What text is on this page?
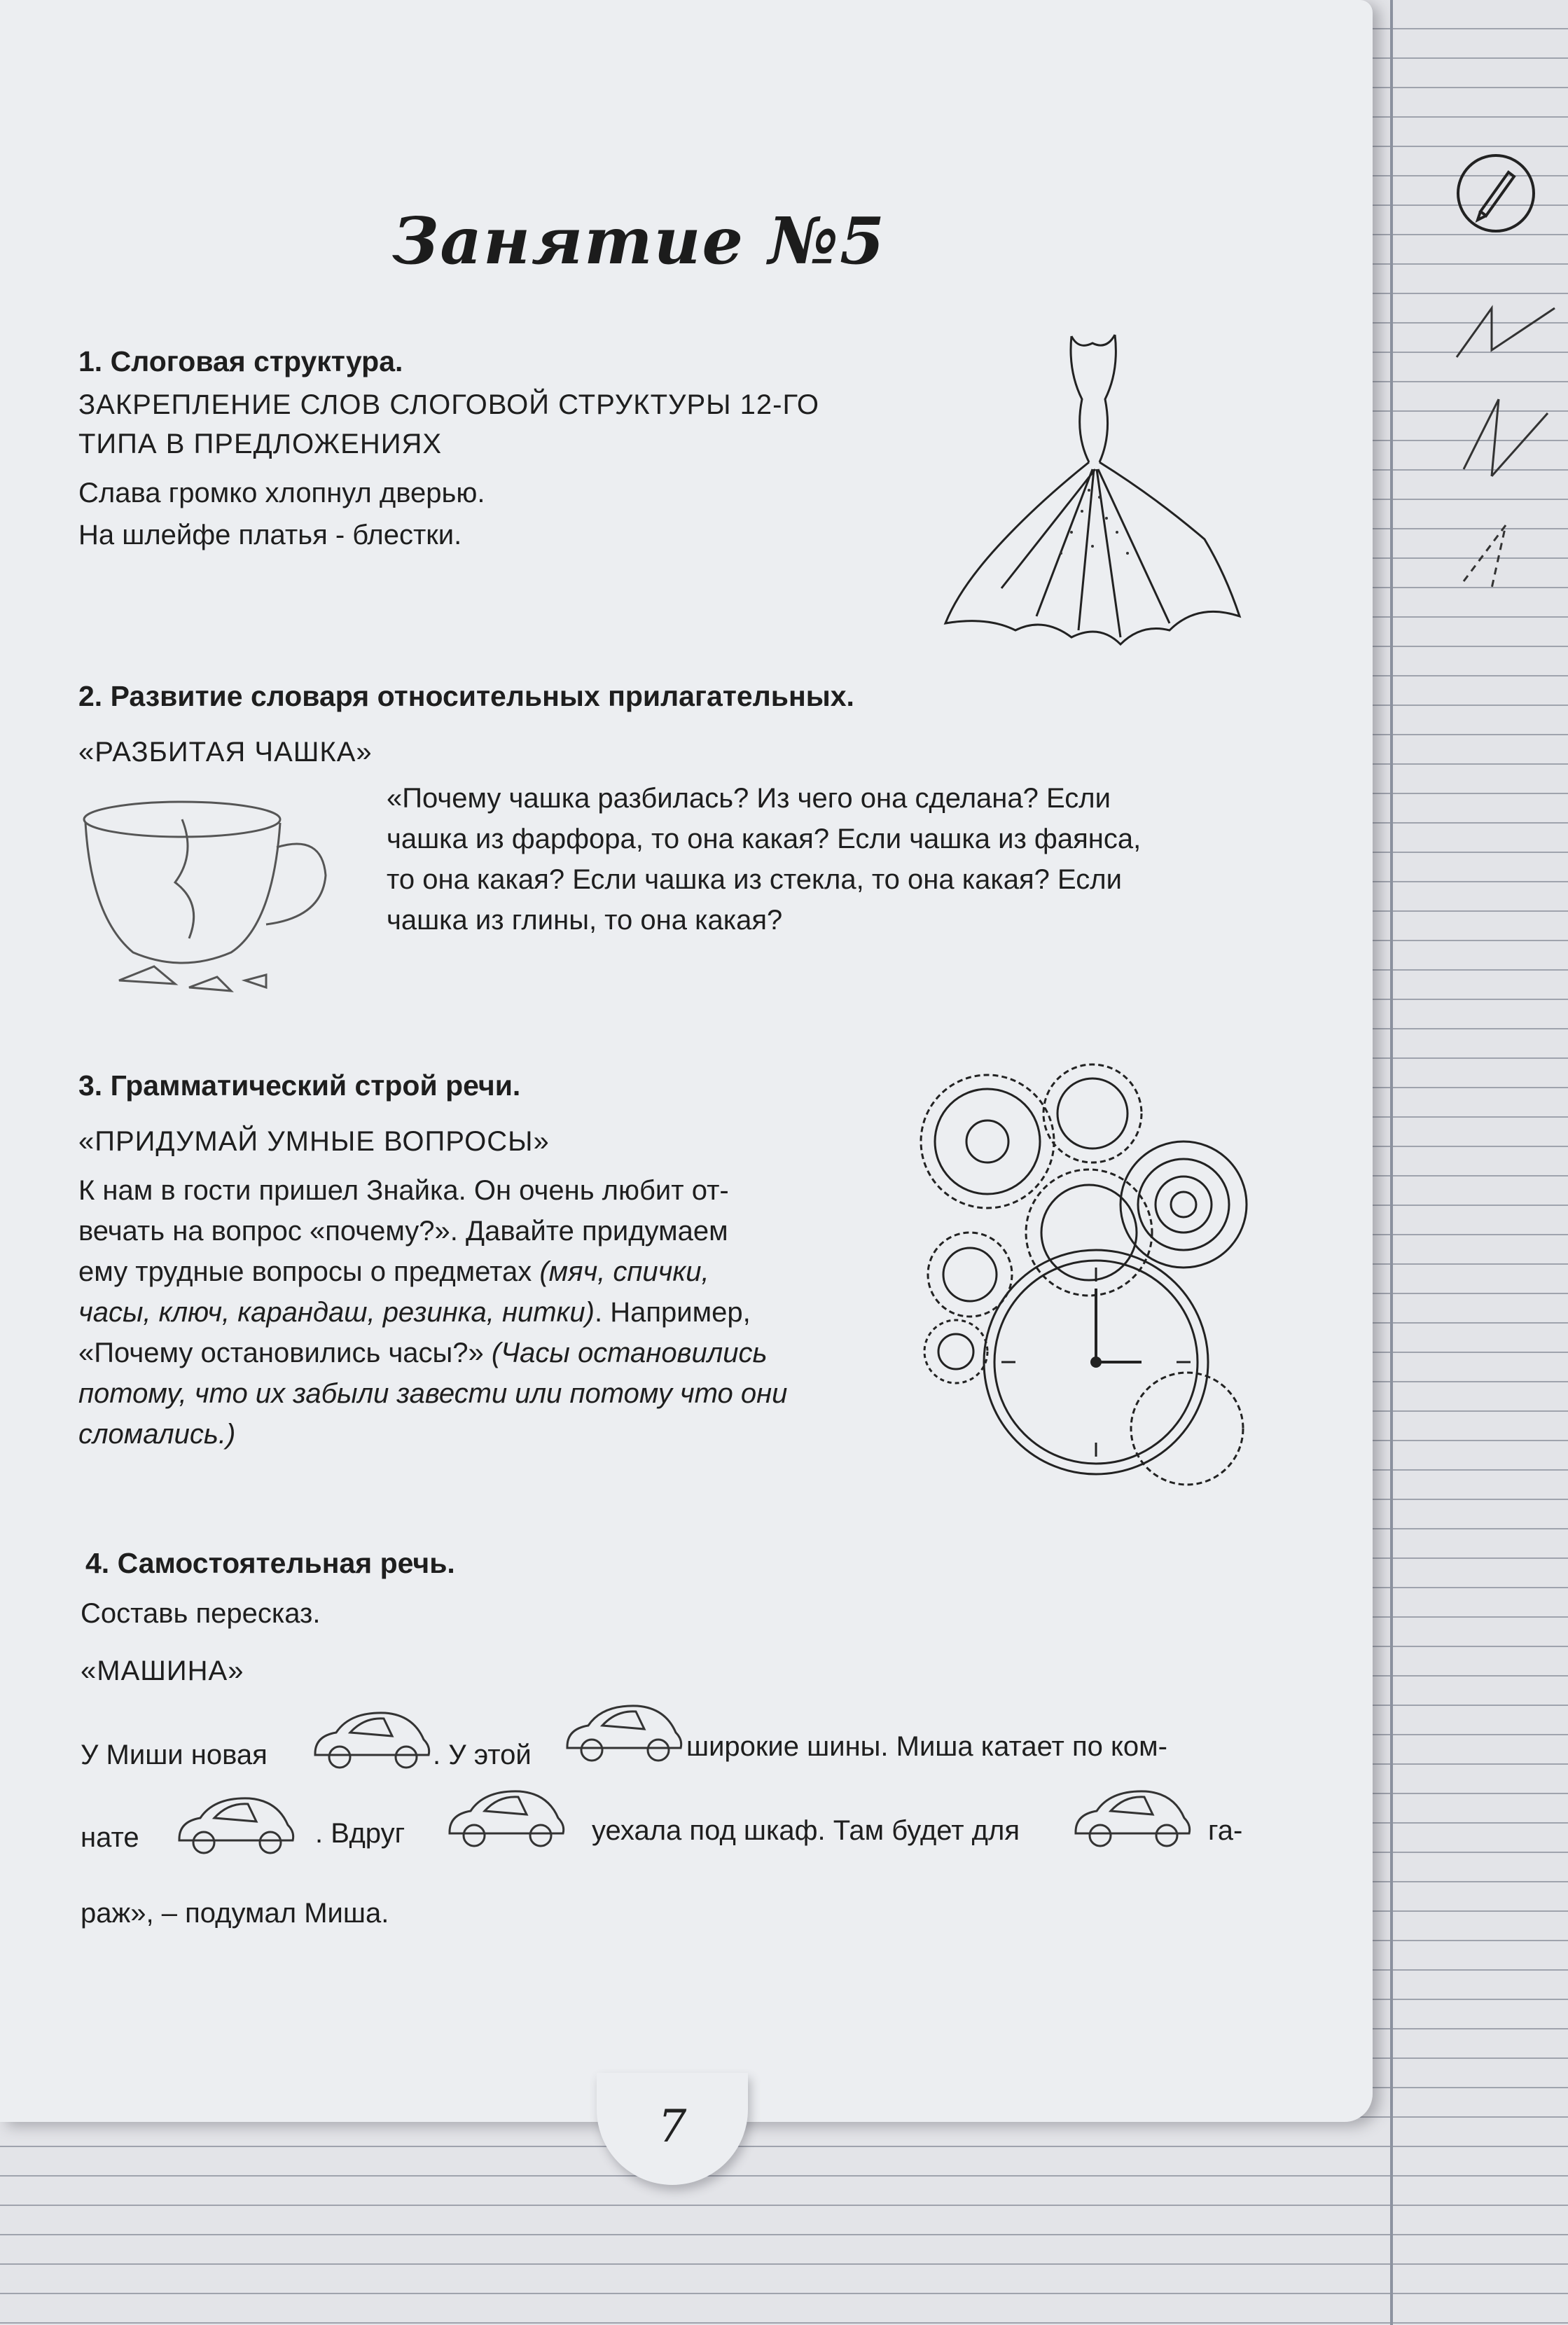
7
Занятие №5
1. Слоговая структура.
ЗАКРЕПЛЕНИЕ СЛОВ СЛОГОВОЙ СТРУКТУРЫ 12-ГО
ТИПА В ПРЕДЛОЖЕНИЯХ
Слава громко хлопнул дверью.
На шлейфе платья - блестки.
2. Развитие словаря относительных прилагательных.
«РАЗБИТАЯ ЧАШКА»
«Почему чашка разбилась? Из чего она сделана? Если
чашка из фарфора, то она какая? Если чашка из фаянса,
то она какая? Если чашка из стекла, то она какая? Если
чашка из глины, то она какая?
3. Грамматический строй речи.
«ПРИДУМАЙ УМНЫЕ ВОПРОСЫ»
К нам в гости пришел Знайка. Он очень любит от-
вечать на вопрос «почему?». Давайте придумаем
ему трудные вопросы о предметах (мяч, спички,
часы, ключ, карандаш, резинка, нитки). Например,
«Почему остановились часы?» (Часы остановились
потому, что их забыли завести или потому что они
сломались.)
4. Самостоятельная речь.
Составь пересказ.
«МАШИНА»
У Миши новая	. У этой	широкие шины. Миша катает по ком-
нате	. Вдруг	уехала под шкаф. Там будет для	га-
раж», – подумал Миша.
